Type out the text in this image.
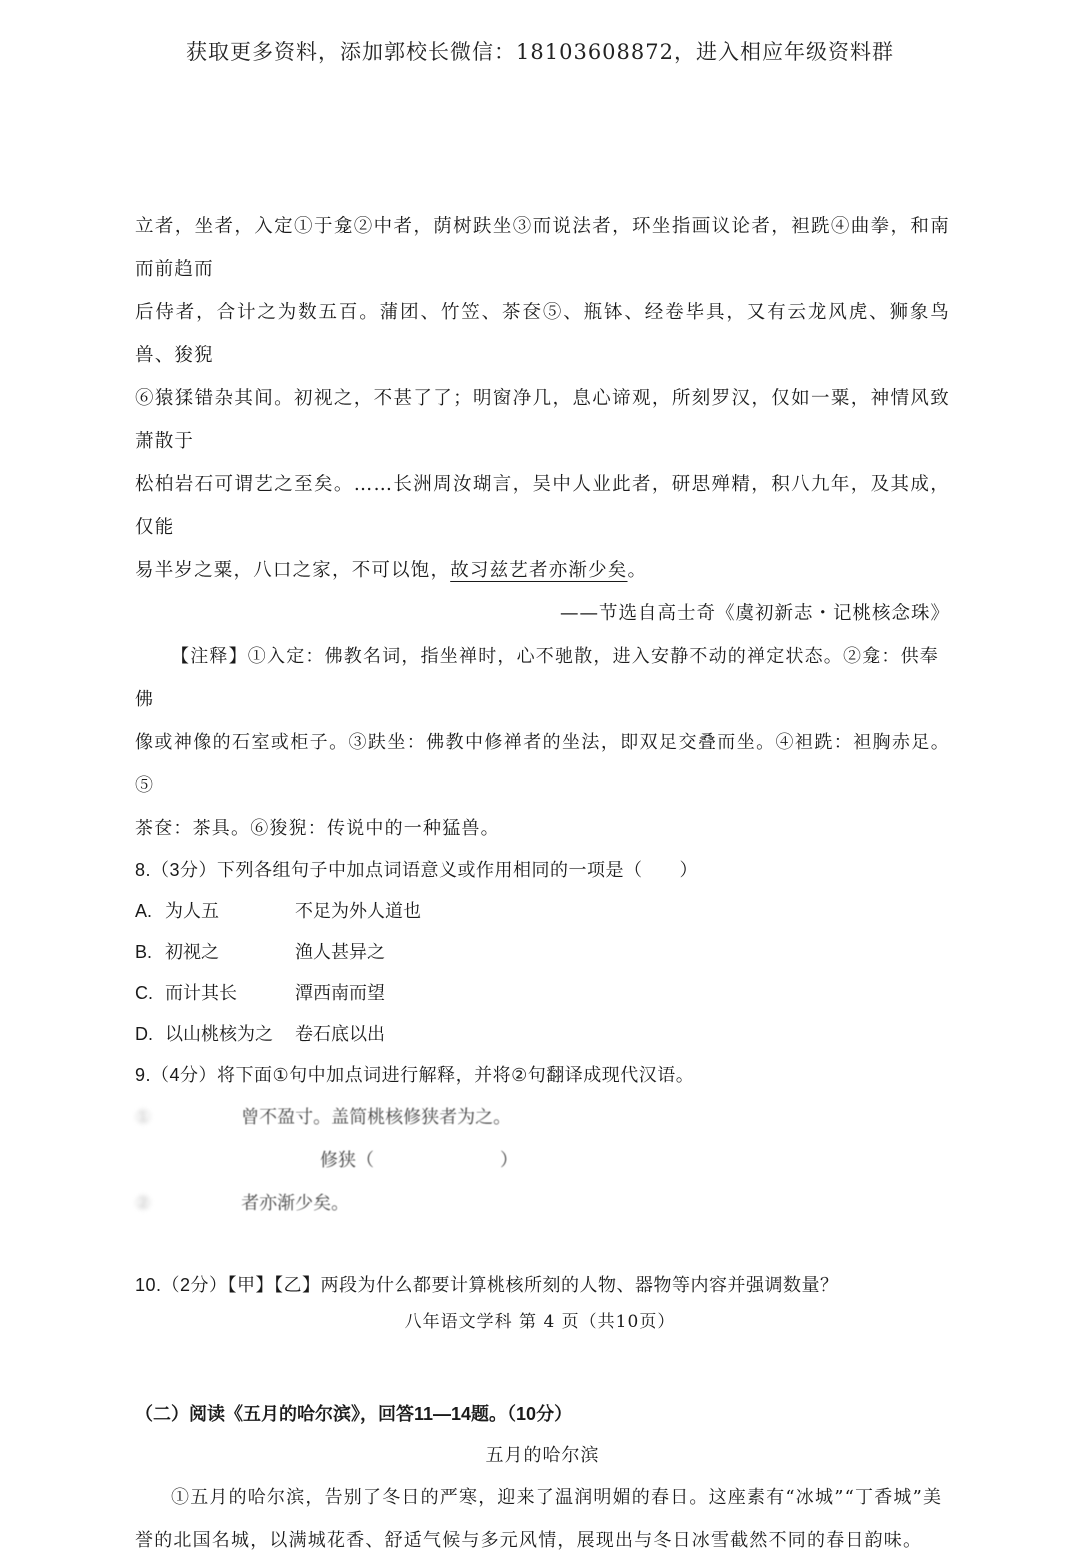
获取更多资料，添加郭校长微信：18103608872，进入相应年级资料群

立者，坐者，入定①于龛②中者，荫树趺坐③而说法者，环坐指画议论者，袒跣④曲拳，和南而前趋而

后侍者，合计之为数五百。蒲团、竹笠、茶奁⑤、瓶钵、经卷毕具，又有云龙风虎、狮象鸟兽、狻猊

⑥猿猱错杂其间。初视之，不甚了了；明窗净几，息心谛观，所刻罗汉，仅如一粟，神情风致萧散于

松柏岩石可谓艺之至矣。……长洲周汝瑚言，吴中人业此者，研思殚精，积八九年，及其成，仅能

易半岁之粟，八口之家，不可以饱，故习兹艺者亦渐少矣。

——节选自高士奇《虞初新志・记桃核念珠》

【注释】①入定：佛教名词，指坐禅时，心不驰散，进入安静不动的禅定状态。②龛：供奉佛

像或神像的石室或柜子。③趺坐：佛教中修禅者的坐法，即双足交叠而坐。④袒跣：袒胸赤足。⑤

茶奁：茶具。⑥狻猊：传说中的一种猛兽。

8.（3分）下列各组句子中加点词语意义或作用相同的一项是（　　）

A. 为人五	不足为外人道也
B. 初视之	渔人甚异之
C. 而计其长	潭西南而望
D. 以山桃核为之	卷石底以出

9.（4分）将下面①句中加点词进行解释，并将②句翻译成现代汉语。

①　　　　　曾不盈寸。盖简桃核修狭者为之。

修狭（　　　　　　　）

②　　　　　者亦渐少矣。

10.（2分）【甲】【乙】两段为什么都要计算桃核所刻的人物、器物等内容并强调数量？

（二）阅读《五月的哈尔滨》，回答11—14题。（10分）

五月的哈尔滨

①五月的哈尔滨，告别了冬日的严寒，迎来了温润明媚的春日。这座素有“冰城”“丁香城”美

誉的北国名城，以满城花香、舒适气候与多元风情，展现出与冬日冰雪截然不同的春日韵味。

八年语文学科 第 4 页（共10页）
